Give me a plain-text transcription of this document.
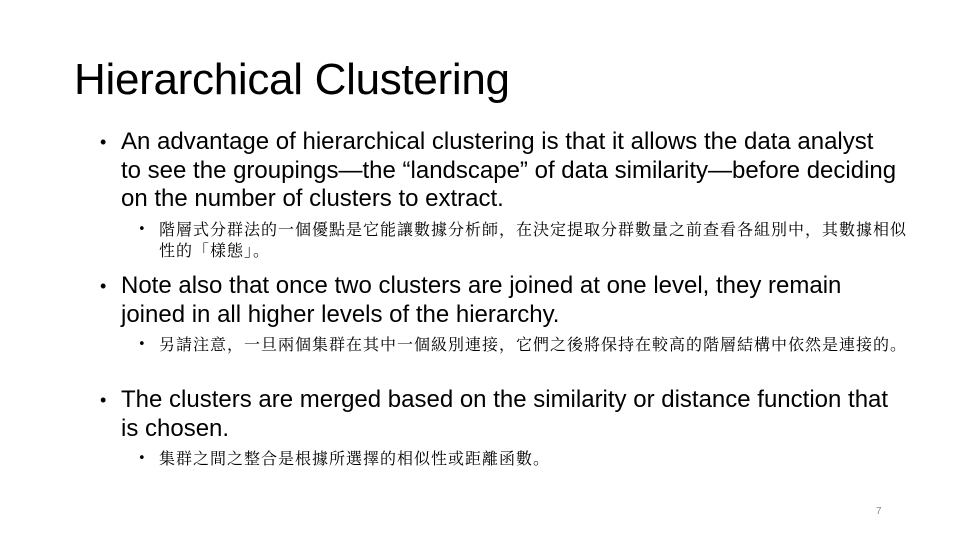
Hierarchical Clustering
• An advantage of hierarchical clustering is that it allows the data analyst to see the groupings—the “landscape” of data similarity—before deciding on the number of clusters to extract.
• 階層式分群法的一個優點是它能讓數據分析師，在決定提取分群數量之前查看各組別中，其數據相似性的「樣態」。
• Note also that once two clusters are joined at one level, they remain joined in all higher levels of the hierarchy.
• 另請注意，一旦兩個集群在其中一個級別連接，它們之後將保持在較高的階層結構中依然是連接的。
• The clusters are merged based on the similarity or distance function that is chosen.
• 集群之間之整合是根據所選擇的相似性或距離函數。
7
